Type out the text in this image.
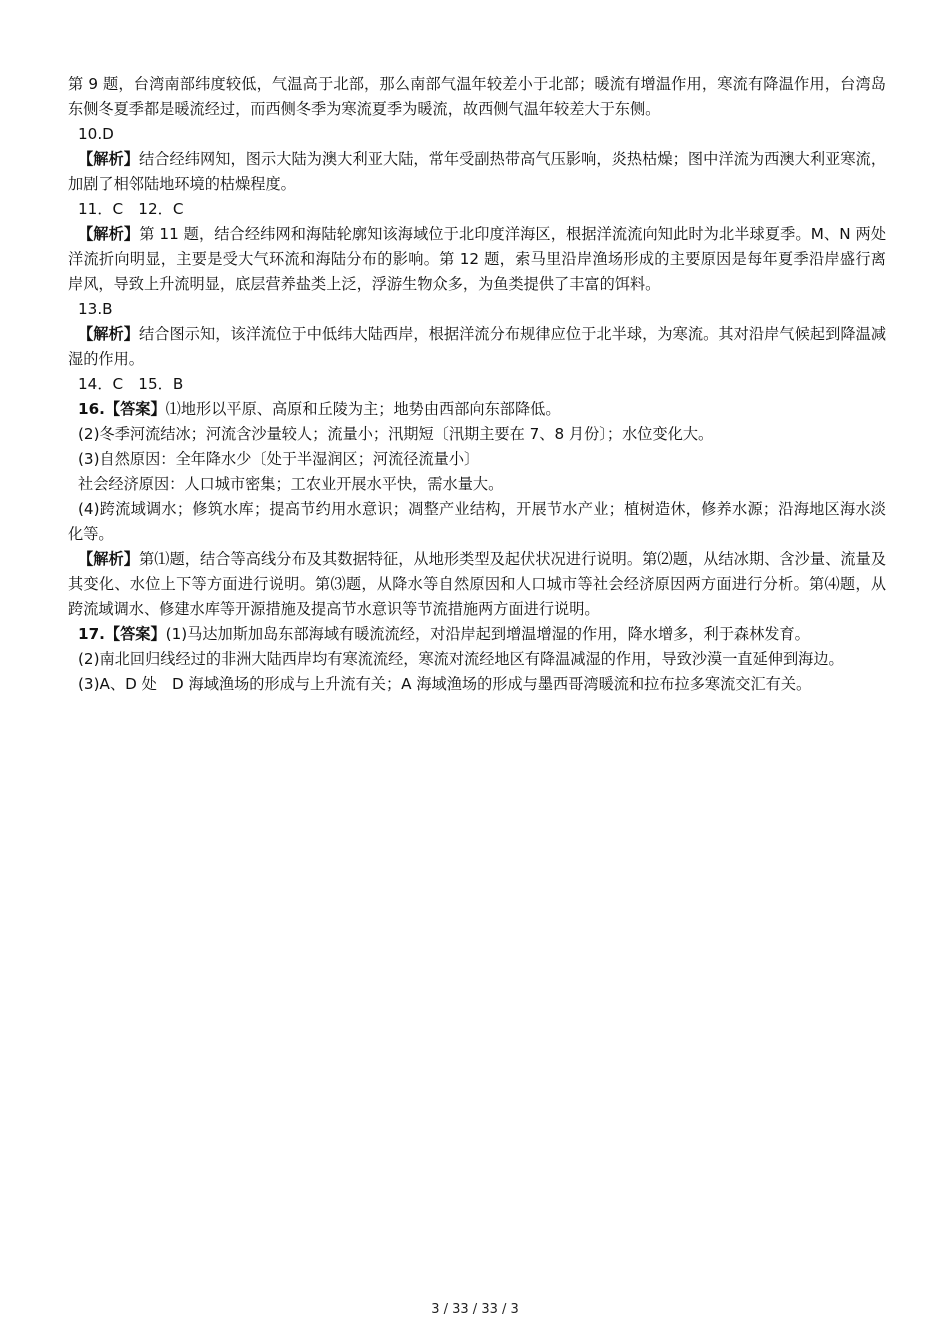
第 9 题，台湾南部纬度较低，气温高于北部，那么南部气温年较差小于北部；暖流有增温作用，寒流有降温作用，台湾岛东侧冬夏季都是暖流经过，而西侧冬季为寒流夏季为暖流，故西侧气温年较差大于东侧。

10.D

【解析】结合经纬网知，图示大陆为澳大利亚大陆，常年受副热带高气压影响，炎热枯燥；图中洋流为西澳大利亚寒流，加剧了相邻陆地环境的枯燥程度。

11．C　12．C

【解析】第 11 题，结合经纬网和海陆轮廓知该海域位于北印度洋海区，根据洋流流向知此时为北半球夏季。M、N 两处洋流折向明显，主要是受大气环流和海陆分布的影响。第 12 题，索马里沿岸渔场形成的主要原因是每年夏季沿岸盛行离岸风，导致上升流明显，底层营养盐类上泛，浮游生物众多，为鱼类提供了丰富的饵料。

13.B

【解析】结合图示知，该洋流位于中低纬大陆西岸，根据洋流分布规律应位于北半球，为寒流。其对沿岸气候起到降温减湿的作用。

14．C　15．B

16.【答案】⑴地形以平原、高原和丘陵为主；地势由西部向东部降低。

(2)冬季河流结冰；河流含沙量较人；流量小；汛期短〔汛期主要在 7、8 月份〕；水位变化大。

(3)自然原因：全年降水少〔处于半湿润区；河流径流量小〕

社会经济原因：人口城市密集；工农业开展水平快，需水量大。

(4)跨流域调水；修筑水库；提高节约用水意识；凋整产业结构，开展节水产业；植树造休，修养水源；沿海地区海水淡化等。

【解析】第⑴题，结合等高线分布及其数据特征，从地形类型及起伏状况进行说明。第⑵题，从结冰期、含沙量、流量及其变化、水位上下等方面进行说明。第⑶题，从降水等自然原因和人口城市等社会经济原因两方面进行分析。第⑷题，从跨流域调水、修建水库等开源措施及提高节水意识等节流措施两方面进行说明。

17.【答案】(1)马达加斯加岛东部海域有暖流流经，对沿岸起到增温增湿的作用，降水增多，利于森林发育。

(2)南北回归线经过的非洲大陆西岸均有寒流流经，寒流对流经地区有降温减湿的作用，导致沙漠一直延伸到海边。

(3)A、D 处　D 海域渔场的形成与上升流有关；A 海域渔场的形成与墨西哥湾暖流和拉布拉多寒流交汇有关。

3 / 33 / 33 / 3
